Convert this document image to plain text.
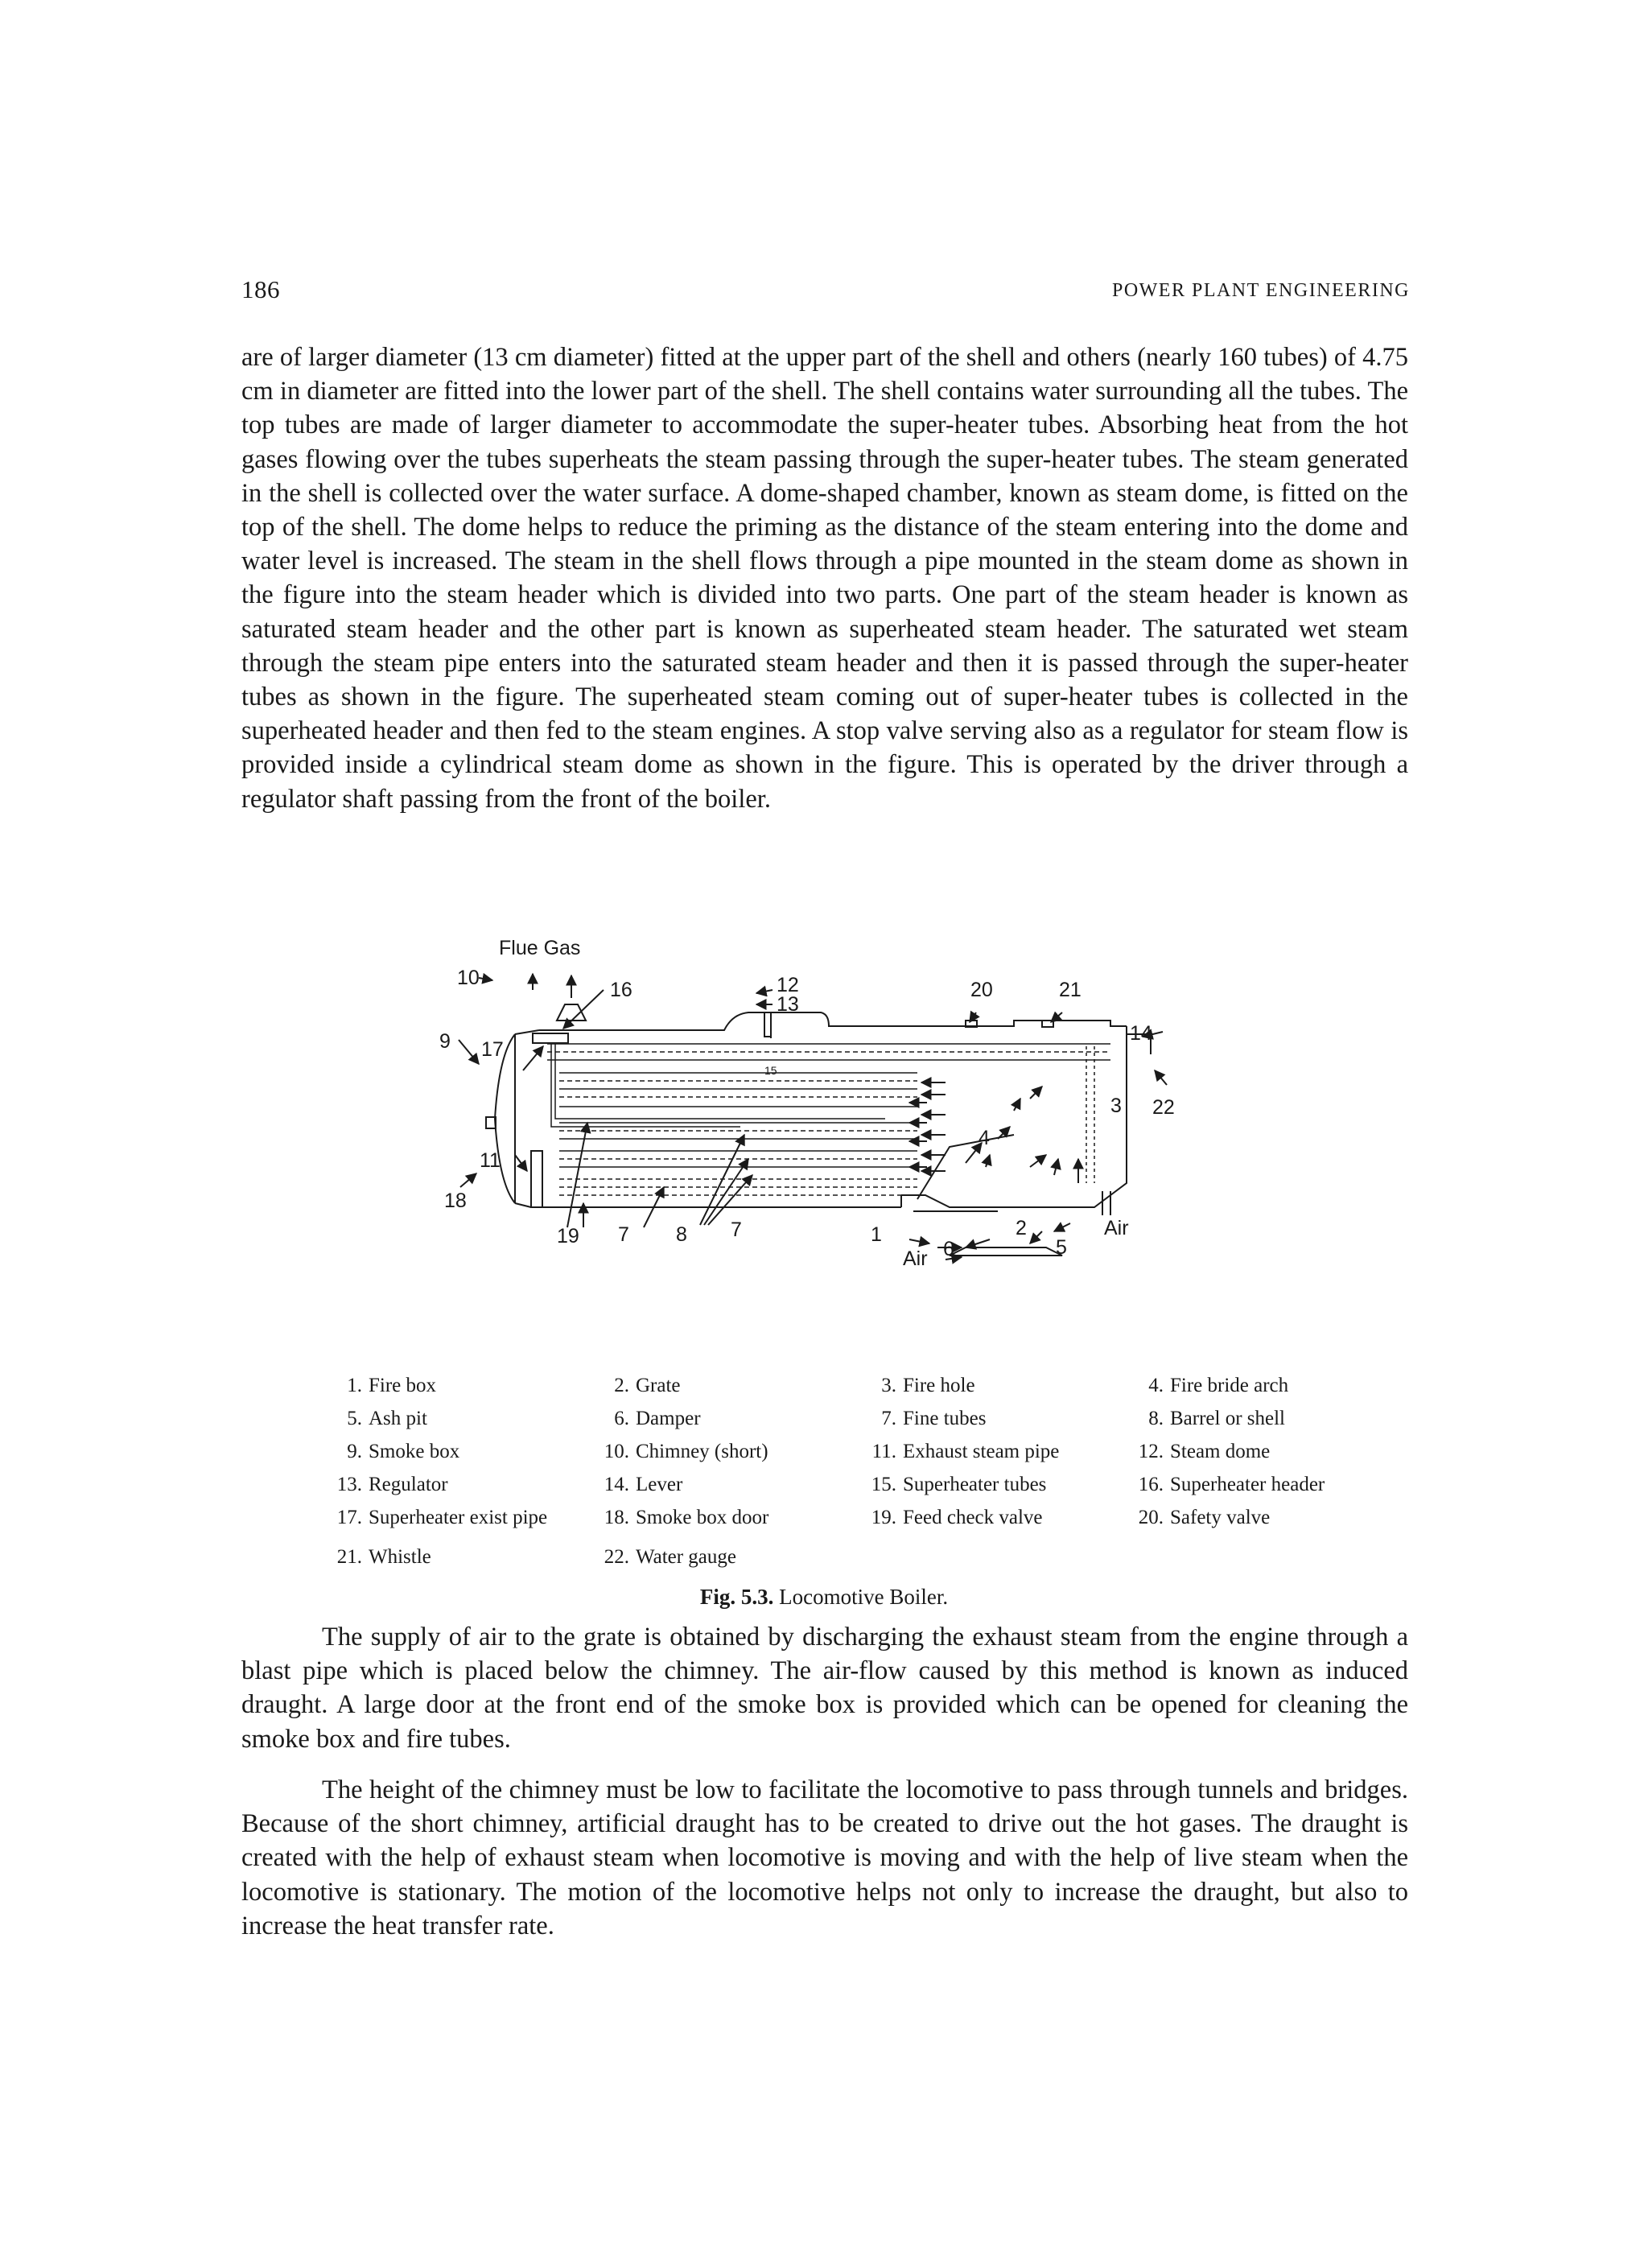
186	POWER PLANT ENGINEERING

are of larger diameter (13 cm diameter) fitted at the upper part of the shell and others (nearly 160 tubes) of 4.75 cm in diameter are fitted into the lower part of the shell. The shell contains water surrounding all the tubes. The top tubes are made of larger diameter to accommodate the super-heater tubes. Absorbing heat from the hot gases flowing over the tubes superheats the steam passing through the super-heater tubes. The steam generated in the shell is collected over the water surface. A dome-shaped chamber, known as steam dome, is fitted on the top of the shell. The dome helps to reduce the priming as the distance of the steam entering into the dome and water level is increased. The steam in the shell flows through a pipe mounted in the steam dome as shown in the figure into the steam header which is divided into two parts. One part of the steam header is known as saturated steam header and the other part is known as superheated steam header. The saturated wet steam through the steam pipe enters into the saturated steam header and then it is passed through the super-heater tubes as shown in the figure. The superheated steam coming out of super-heater tubes is collected in the superheated header and then fed to the steam engines. A stop valve serving also as a regulator for steam flow is provided inside a cylindrical steam dome as shown in the figure. This is operated by the driver through a regulator shaft passing from the front of the boiler.

Flue Gas
10
16	12
13
20	21
9 17
14
15
3 22
4
11
18
19 7 8 7	1	2
5
6
Air
Air
1. Fire box	2. Grate	3. Fire hole	4. Fire bride arch
5. Ash pit	6. Damper	7. Fine tubes	8. Barrel or shell
9. Smoke box	10. Chimney (short)	11. Exhaust steam pipe	12. Steam dome
13. Regulator	14. Lever	15. Superheater tubes	16. Superheater header
17. Superheater exist pipe	18. Smoke box door	19. Feed check valve	20. Safety valve
21. Whistle	22. Water gauge
Fig. 5.3. Locomotive Boiler.

The supply of air to the grate is obtained by discharging the exhaust steam from the engine through a blast pipe which is placed below the chimney. The air-flow caused by this method is known as induced draught. A large door at the front end of the smoke box is provided which can be opened for cleaning the smoke box and fire tubes.

The height of the chimney must be low to facilitate the locomotive to pass through tunnels and bridges. Because of the short chimney, artificial draught has to be created to drive out the hot gases. The draught is created with the help of exhaust steam when locomotive is moving and with the help of live steam when the locomotive is stationary. The motion of the locomotive helps not only to increase the draught, but also to increase the heat transfer rate.
